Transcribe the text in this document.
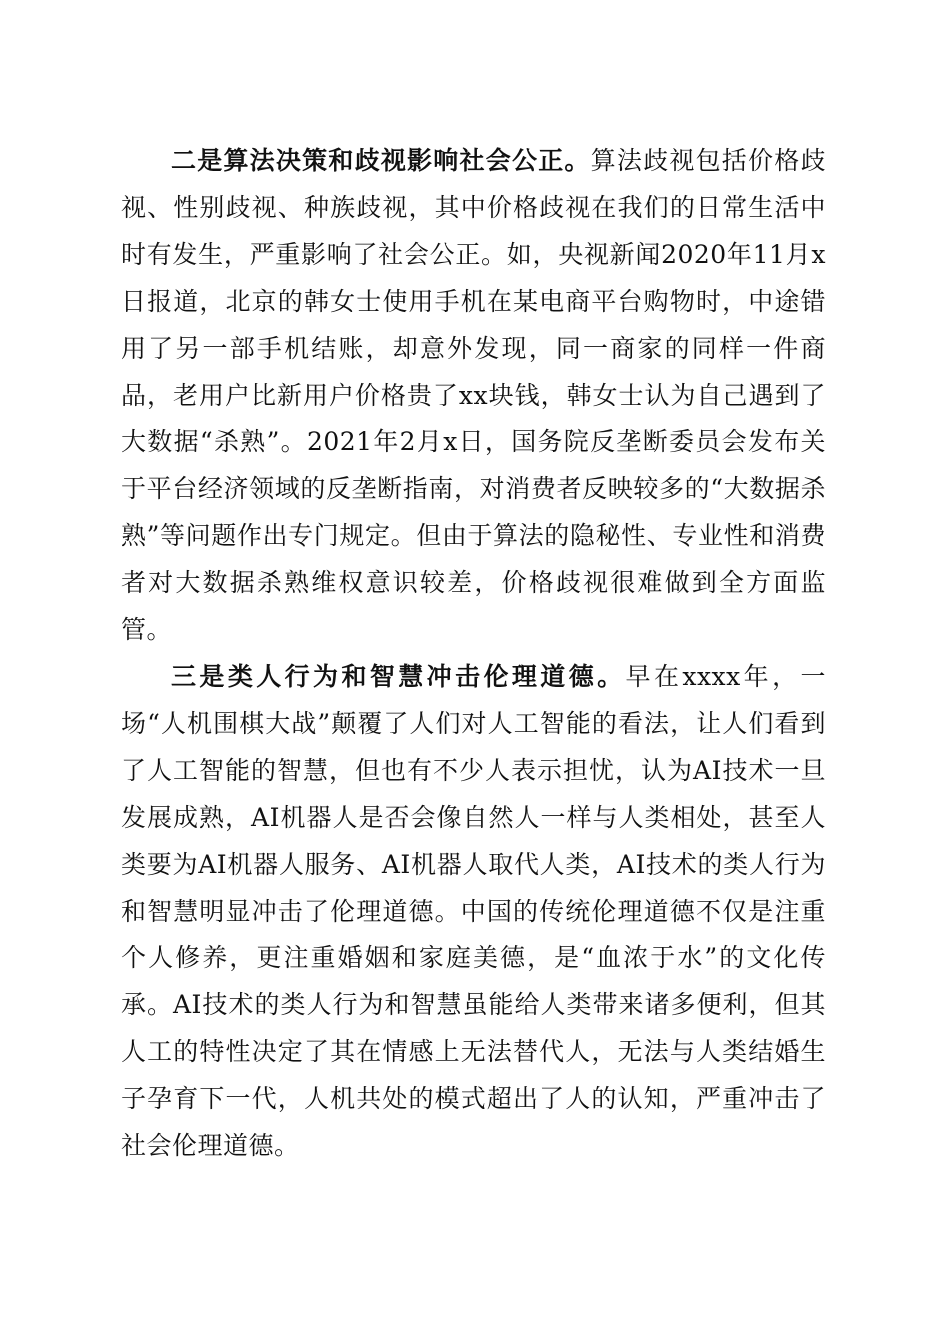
二是算法决策和歧视影响社会公正。算法歧视包括价格歧视、性别歧视、种族歧视，其中价格歧视在我们的日常生活中时有发生，严重影响了社会公正。如，央视新闻2020年11月x日报道，北京的韩女士使用手机在某电商平台购物时，中途错用了另一部手机结账，却意外发现，同一商家的同样一件商品，老用户比新用户价格贵了xx块钱，韩女士认为自己遇到了大数据“杀熟”。2021年2月x日，国务院反垄断委员会发布关于平台经济领域的反垄断指南，对消费者反映较多的“大数据杀熟”等问题作出专门规定。但由于算法的隐秘性、专业性和消费者对大数据杀熟维权意识较差，价格歧视很难做到全方面监管。

三是类人行为和智慧冲击伦理道德。早在xxxx年，一场“人机围棋大战”颠覆了人们对人工智能的看法，让人们看到了人工智能的智慧，但也有不少人表示担忧，认为AI技术一旦发展成熟，AI机器人是否会像自然人一样与人类相处，甚至人类要为AI机器人服务、AI机器人取代人类，AI技术的类人行为和智慧明显冲击了伦理道德。中国的传统伦理道德不仅是注重个人修养，更注重婚姻和家庭美德，是“血浓于水”的文化传承。AI技术的类人行为和智慧虽能给人类带来诸多便利，但其人工的特性决定了其在情感上无法替代人，无法与人类结婚生子孕育下一代，人机共处的模式超出了人的认知，严重冲击了社会伦理道德。
